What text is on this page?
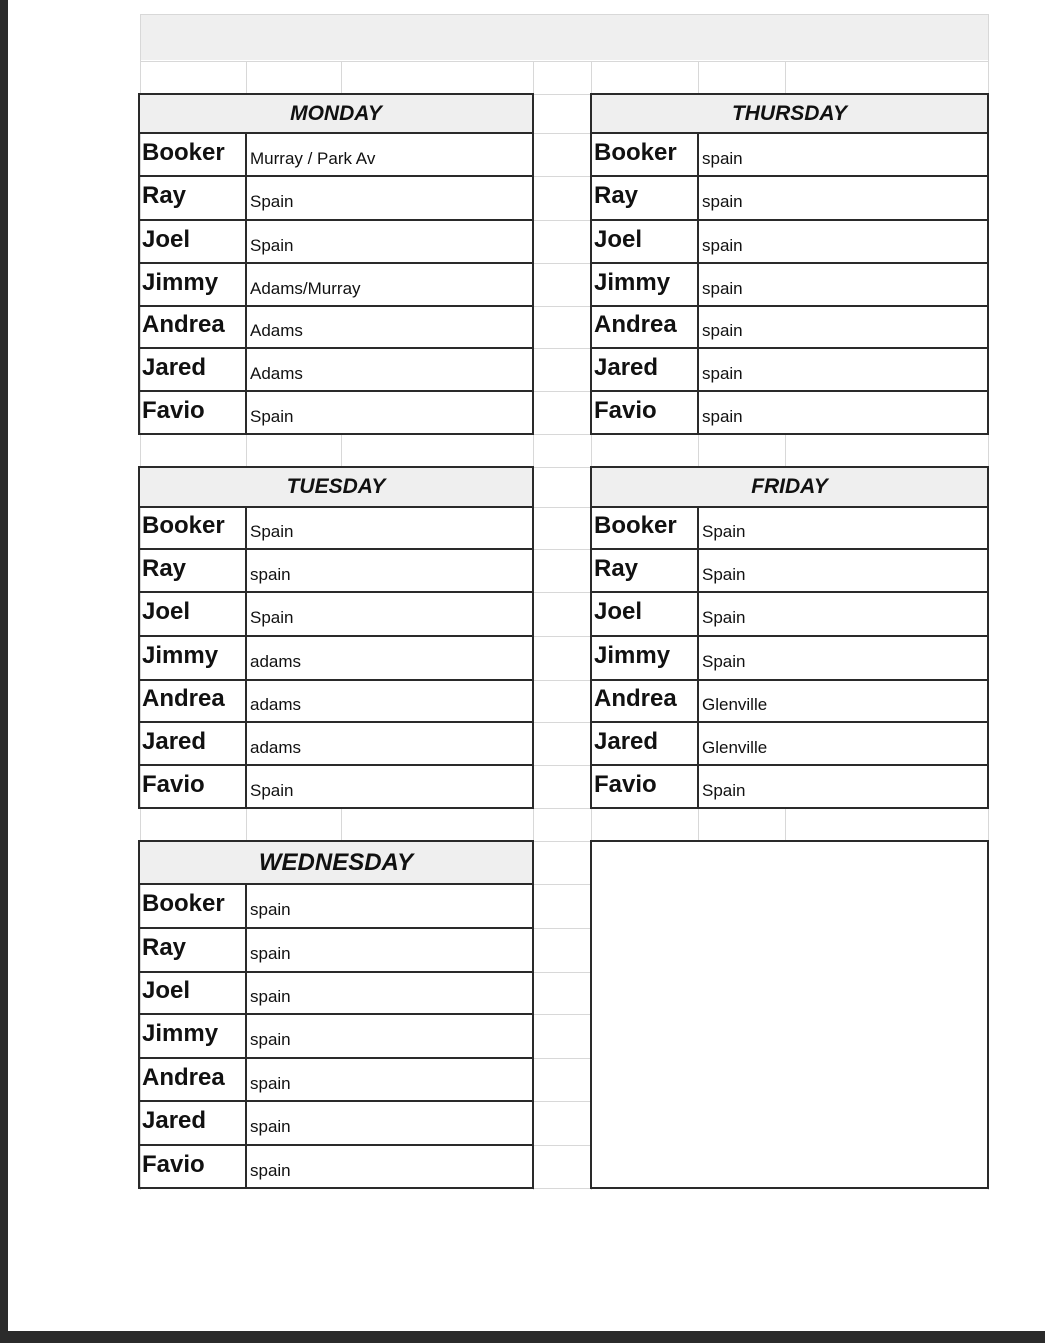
MONDAY
Booker	Murray / Park Av
Ray	Spain
Joel	Spain
Jimmy	Adams/Murray
Andrea	Adams
Jared	Adams
Favio	Spain
THURSDAY
Booker	spain
Ray	spain
Joel	spain
Jimmy	spain
Andrea	spain
Jared	spain
Favio	spain
TUESDAY
Booker	Spain
Ray	spain
Joel	Spain
Jimmy	adams
Andrea	adams
Jared	adams
Favio	Spain
FRIDAY
Booker	Spain
Ray	Spain
Joel	Spain
Jimmy	Spain
Andrea	Glenville
Jared	Glenville
Favio	Spain
WEDNESDAY
Booker	spain
Ray	spain
Joel	spain
Jimmy	spain
Andrea	spain
Jared	spain
Favio	spain
